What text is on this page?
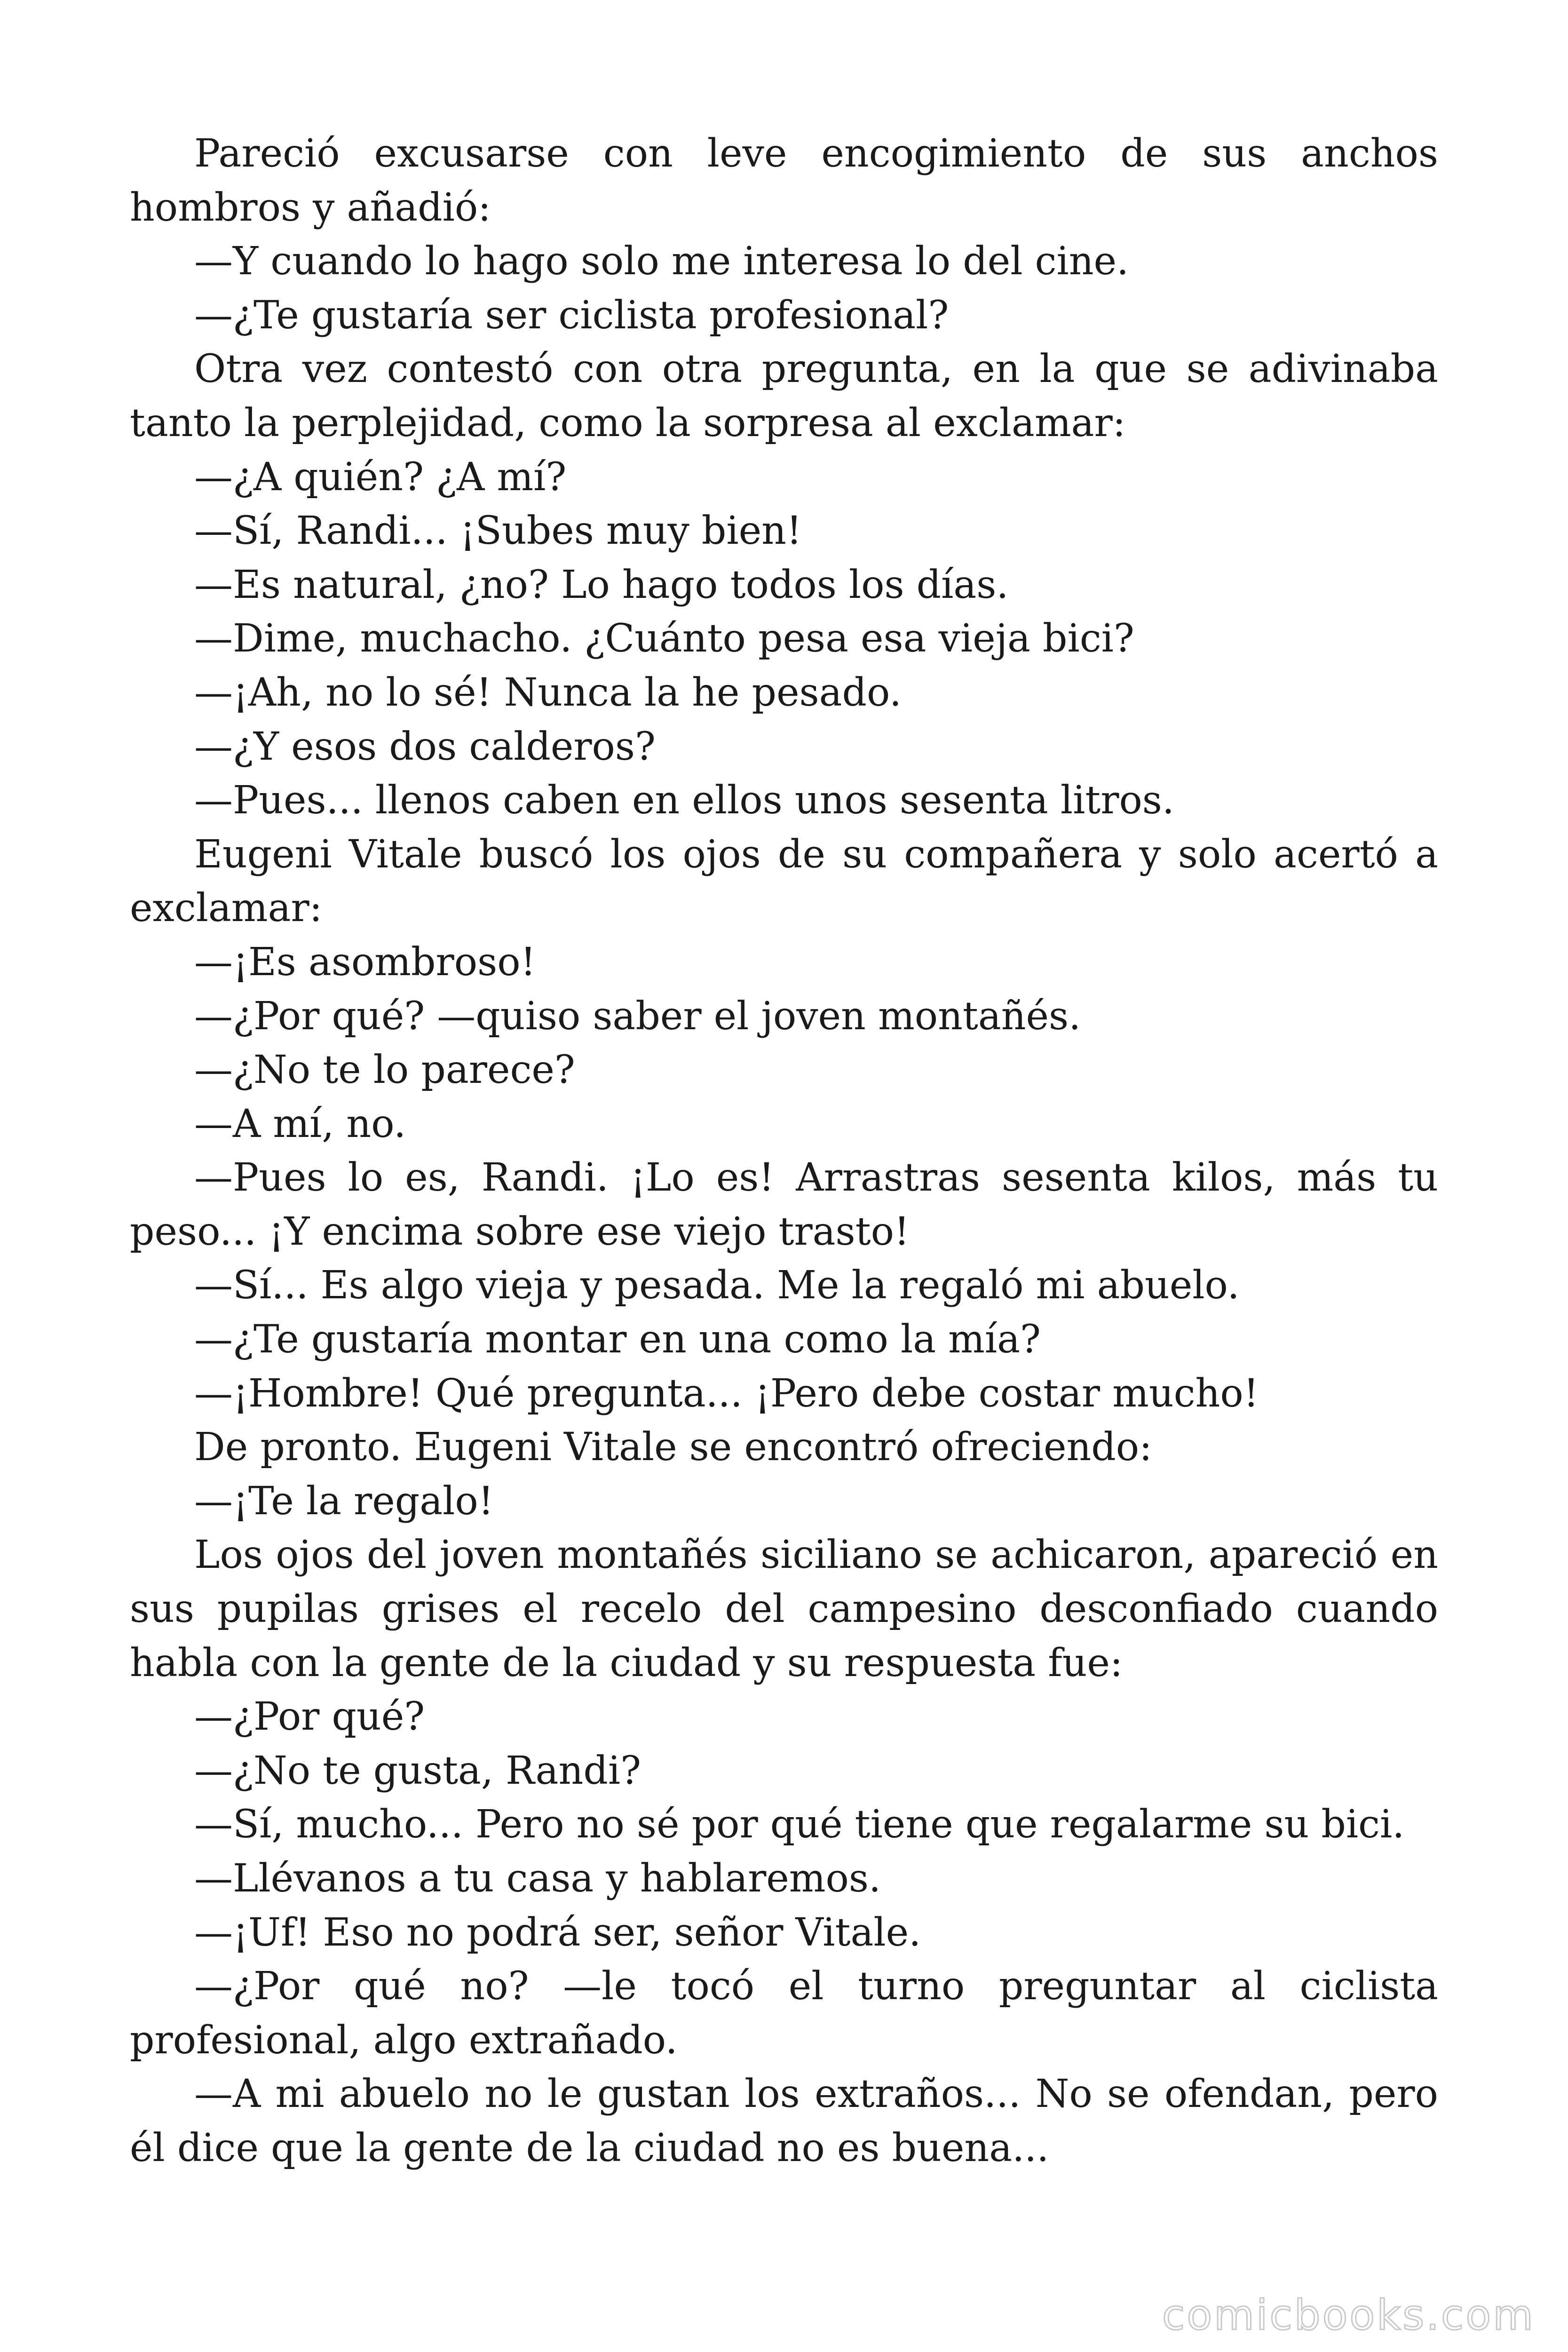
Pareció excusarse con leve encogimiento de sus anchos hombros y añadió:

—Y cuando lo hago solo me interesa lo del cine.

—¿Te gustaría ser ciclista profesional?

Otra vez contestó con otra pregunta, en la que se adivinaba tanto la perplejidad, como la sorpresa al exclamar:

—¿A quién? ¿A mí?

—Sí, Randi... ¡Subes muy bien!

—Es natural, ¿no? Lo hago todos los días.

—Dime, muchacho. ¿Cuánto pesa esa vieja bici?

—¡Ah, no lo sé! Nunca la he pesado.

—¿Y esos dos calderos?

—Pues... llenos caben en ellos unos sesenta litros.

Eugeni Vitale buscó los ojos de su compañera y solo acertó a exclamar:

—¡Es asombroso!

—¿Por qué? —quiso saber el joven montañés.

—¿No te lo parece?

—A mí, no.

—Pues lo es, Randi. ¡Lo es! Arrastras sesenta kilos, más tu peso... ¡Y encima sobre ese viejo trasto!

—Sí... Es algo vieja y pesada. Me la regaló mi abuelo.

—¿Te gustaría montar en una como la mía?

—¡Hombre! Qué pregunta... ¡Pero debe costar mucho!

De pronto. Eugeni Vitale se encontró ofreciendo:

—¡Te la regalo!

Los ojos del joven montañés siciliano se achicaron, apareció en sus pupilas grises el recelo del campesino desconfiado cuando habla con la gente de la ciudad y su respuesta fue:

—¿Por qué?

—¿No te gusta, Randi?

—Sí, mucho... Pero no sé por qué tiene que regalarme su bici.

—Llévanos a tu casa y hablaremos.

—¡Uf! Eso no podrá ser, señor Vitale.

—¿Por qué no? —le tocó el turno preguntar al ciclista profesional, algo extrañado.

—A mi abuelo no le gustan los extraños... No se ofendan, pero él dice que la gente de la ciudad no es buena...

comicbooks.com
